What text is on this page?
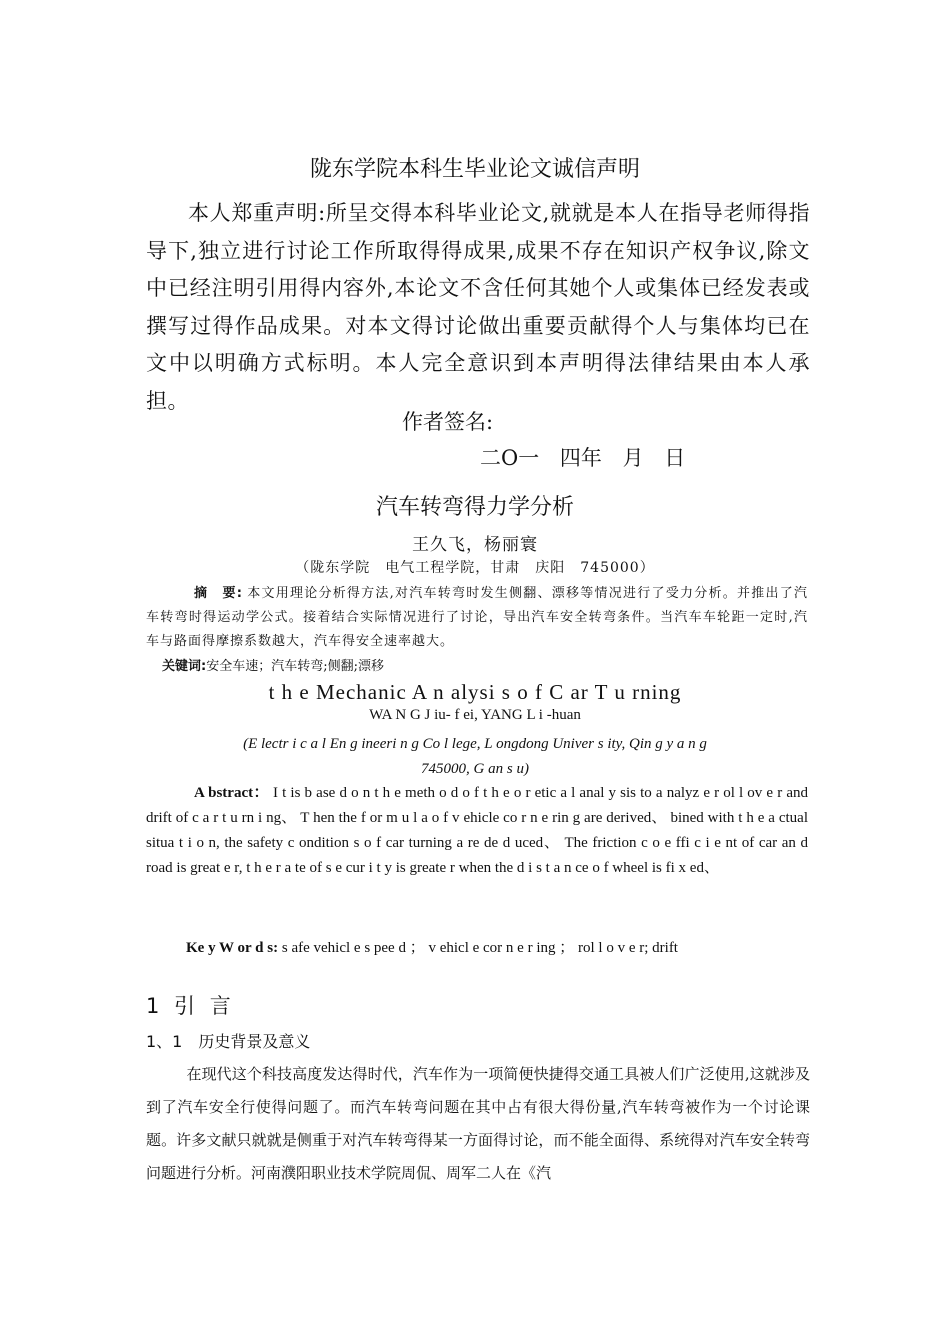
陇东学院本科生毕业论文诚信声明

本人郑重声明:所呈交得本科毕业论文,就就是本人在指导老师得指导下,独立进行讨论工作所取得得成果,成果不存在知识产权争议,除文中已经注明引用得内容外,本论文不含任何其她个人或集体已经发表或撰写过得作品成果。对本文得讨论做出重要贡献得个人与集体均已在文中以明确方式标明。本人完全意识到本声明得法律结果由本人承担。

作者签名:
二O一 四年 月 日
汽车转弯得力学分析
王久飞，杨丽寰
（陇东学院　电气工程学院，甘肃　庆阳　745000）
摘　要: 本文用理论分析得方法,对汽车转弯时发生侧翻、漂移等情况进行了受力分析。并推出了汽车转弯时得运动学公式。接着结合实际情况进行了讨论，导出汽车安全转弯条件。当汽车车轮距一定时,汽车与路面得摩擦系数越大，汽车得安全速率越大。
关键词:安全车速；汽车转弯;侧翻;漂移
t h e Mechanic A n alysi s o f C ar T u rning
WA N G J iu- f ei, YANG L i -huan
(E lectr i c a l En g ineeri n g Co l lege, L ongdong Univer s ity, Qin g y a n g
745000, G an s u)
A bstract： I t is b ase d o n t h e meth o d o f t h e o r etic a l anal y sis to a nalyz e r ol l ov e r and drift of c a r t u rn i ng、 T hen the f or m u l a o f v ehicle co r n e rin g are derived、 bined with t h e a ctual situa t i o n, the safety c ondition s o f car turning a re de d uced、 The friction c o e ffi c i e nt of car an d road is great e r, t h e r a te of s e cur i t y is greate r when the d i s t a n ce o f wheel is fi x ed、
Ke y W or d s: s afe vehicl e s pee d ； v ehicl e cor n e r ing ； rol l o v e r; drift
1 引 言
1、1　历史背景及意义

在现代这个科技高度发达得时代，汽车作为一项简便快捷得交通工具被人们广泛使用,这就涉及到了汽车安全行使得问题了。而汽车转弯问题在其中占有很大得份量,汽车转弯被作为一个讨论课题。许多文献只就就是侧重于对汽车转弯得某一方面得讨论，而不能全面得、系统得对汽车安全转弯问题进行分析。河南濮阳职业技术学院周侃、周军二人在《汽
